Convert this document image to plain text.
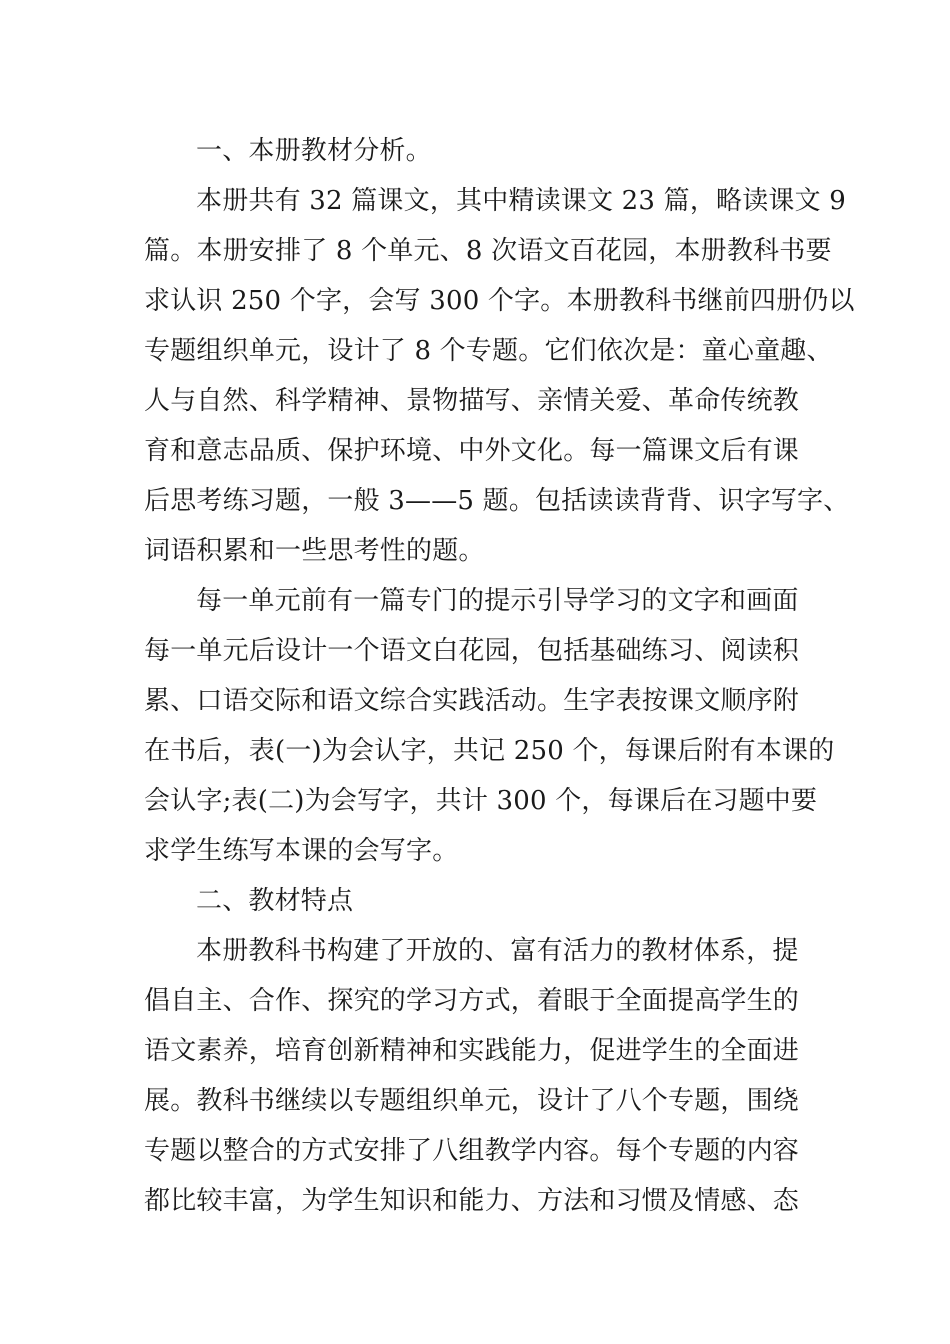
一、本册教材分析。
本册共有 32 篇课文，其中精读课文 23 篇，略读课文 9
篇。本册安排了 8 个单元、8 次语文百花园，本册教科书要
求认识 250 个字，会写 300 个字。本册教科书继前四册仍以
专题组织单元，设计了 8 个专题。它们依次是：童心童趣、
人与自然、科学精神、景物描写、亲情关爱、革命传统教
育和意志品质、保护环境、中外文化。每一篇课文后有课
后思考练习题，一般 3——5 题。包括读读背背、识字写字、
词语积累和一些思考性的题。
每一单元前有一篇专门的提示引导学习的文字和画面
每一单元后设计一个语文白花园，包括基础练习、阅读积
累、口语交际和语文综合实践活动。生字表按课文顺序附
在书后，表(一)为会认字，共记 250 个，每课后附有本课的
会认字;表(二)为会写字，共计 300 个，每课后在习题中要
求学生练写本课的会写字。
二、教材特点
本册教科书构建了开放的、富有活力的教材体系，提
倡自主、合作、探究的学习方式，着眼于全面提高学生的
语文素养，培育创新精神和实践能力，促进学生的全面进
展。教科书继续以专题组织单元，设计了八个专题，围绕
专题以整合的方式安排了八组教学内容。每个专题的内容
都比较丰富，为学生知识和能力、方法和习惯及情感、态
